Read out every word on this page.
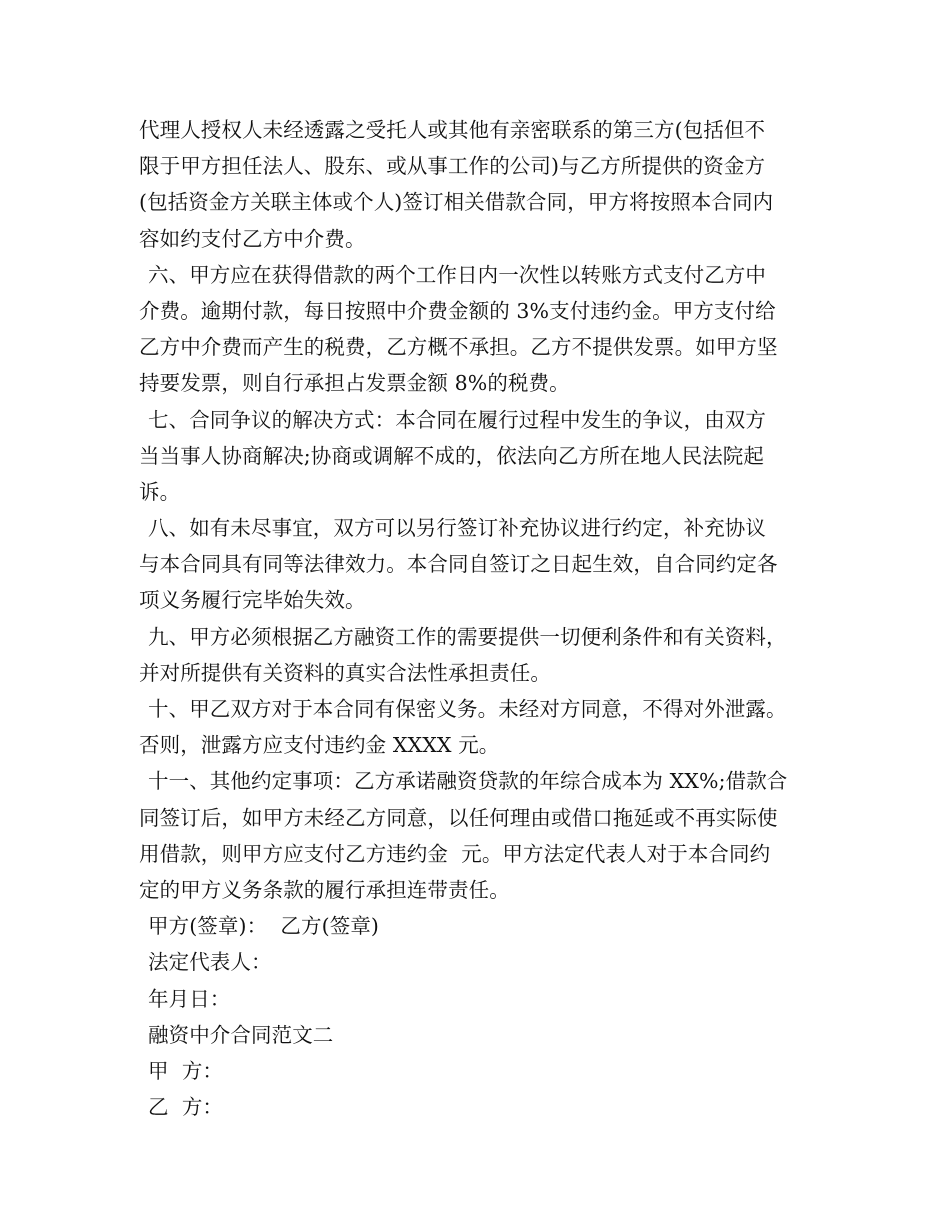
代理人授权人未经透露之受托人或其他有亲密联系的第三方(包括但不
限于甲方担任法人、股东、或从事工作的公司)与乙方所提供的资金方
(包括资金方关联主体或个人)签订相关借款合同，甲方将按照本合同内
容如约支付乙方中介费。
六、甲方应在获得借款的两个工作日内一次性以转账方式支付乙方中
介费。逾期付款，每日按照中介费金额的 3%支付违约金。甲方支付给
乙方中介费而产生的税费，乙方概不承担。乙方不提供发票。如甲方坚
持要发票，则自行承担占发票金额 8%的税费。
七、合同争议的解决方式：本合同在履行过程中发生的争议，由双方
当当事人协商解决;协商或调解不成的，依法向乙方所在地人民法院起
诉。
八、如有未尽事宜，双方可以另行签订补充协议进行约定，补充协议
与本合同具有同等法律效力。本合同自签订之日起生效，自合同约定各
项义务履行完毕始失效。
九、甲方必须根据乙方融资工作的需要提供一切便利条件和有关资料，
并对所提供有关资料的真实合法性承担责任。
十、甲乙双方对于本合同有保密义务。未经对方同意，不得对外泄露。
否则，泄露方应支付违约金 XXXX 元。
十一、其他约定事项：乙方承诺融资贷款的年综合成本为 XX%;借款合
同签订后，如甲方未经乙方同意，以任何理由或借口拖延或不再实际使
用借款，则甲方应支付乙方违约金  元。甲方法定代表人对于本合同约
定的甲方义务条款的履行承担连带责任。
甲方(签章)：  乙方(签章)
法定代表人：
年月日：
融资中介合同范文二
甲  方：
乙  方：
